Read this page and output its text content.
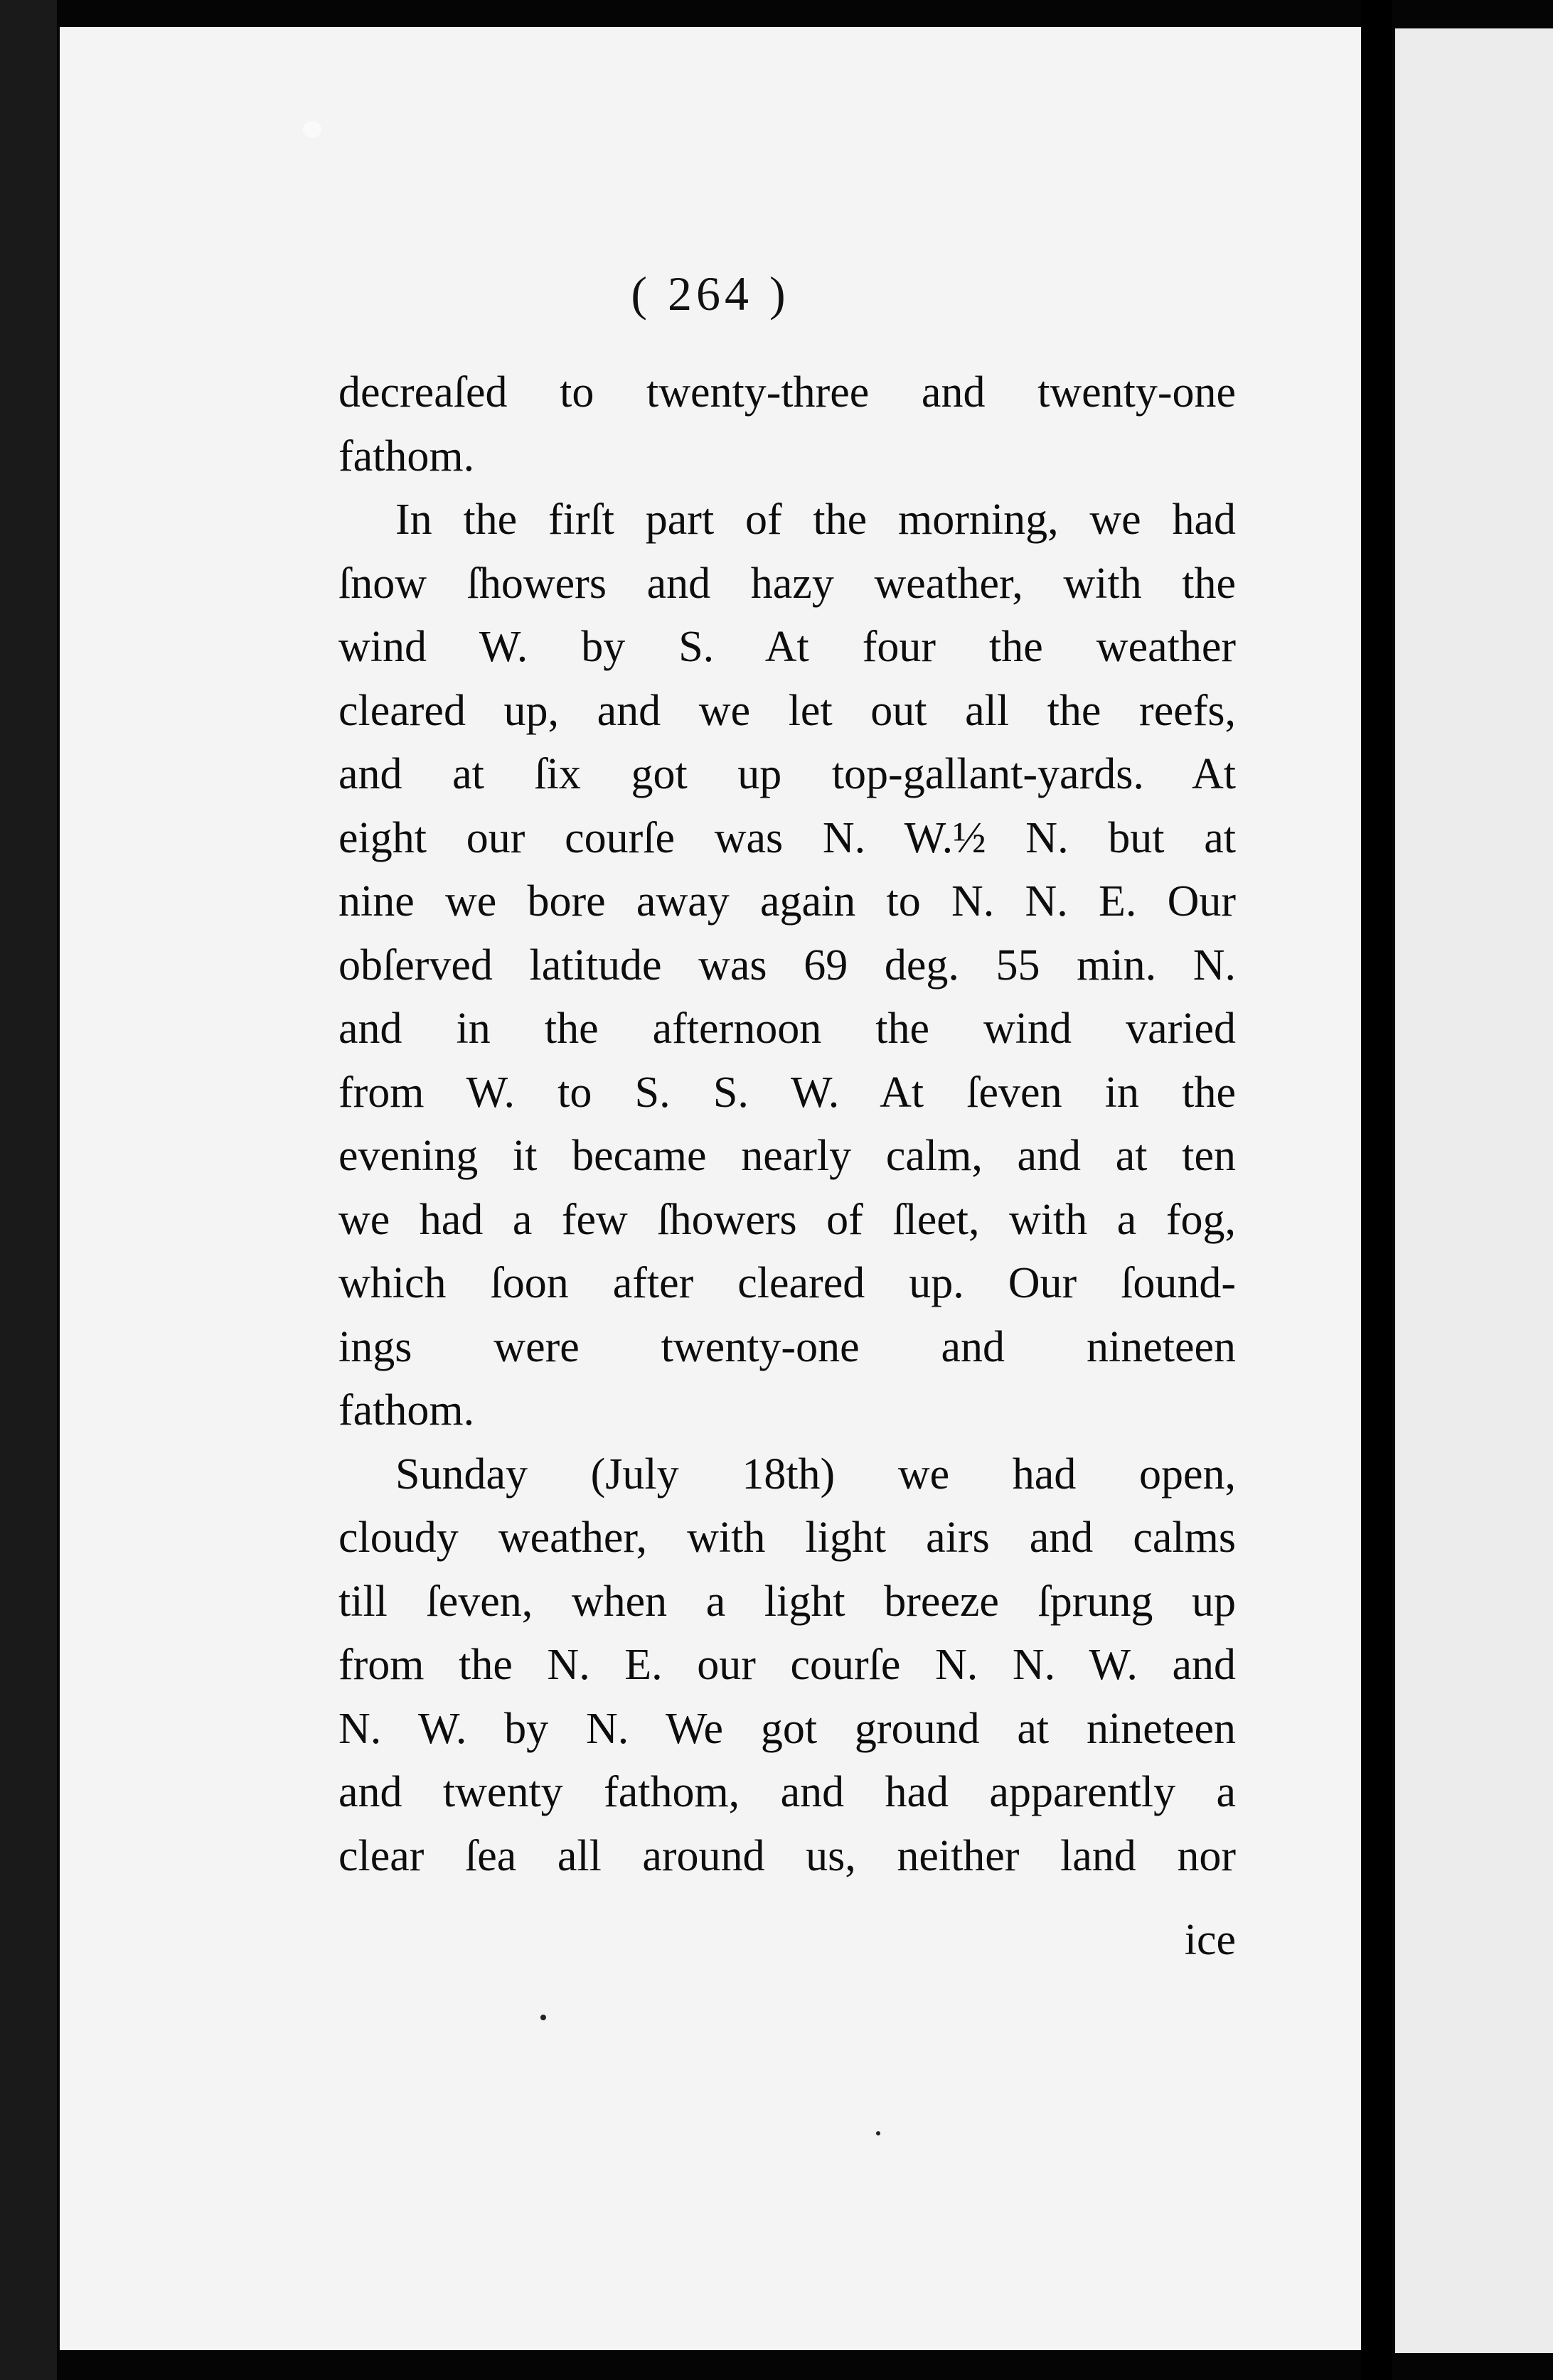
( 264 )
decreaſed to twenty-three and twenty-one
fathom.
In the firſt part of the morning, we had
ſnow ſhowers and hazy weather, with the
wind W. by S. At four the weather
cleared up, and we let out all the reefs,
and at ſix got up top-gallant-yards. At
eight our courſe was N. W.½ N. but at
nine we bore away again to N. N. E. Our
obſerved latitude was 69 deg. 55 min. N.
and in the afternoon the wind varied
from W. to S. S. W. At ſeven in the
evening it became nearly calm, and at ten
we had a few ſhowers of ſleet, with a fog,
which ſoon after cleared up. Our ſound-
ings were twenty-one and nineteen
fathom.
Sunday (July 18th) we had open,
cloudy weather, with light airs and calms
till ſeven, when a light breeze ſprung up
from the N. E. our courſe N. N. W. and
N. W. by N. We got ground at nineteen
and twenty fathom, and had apparently a
clear ſea all around us, neither land nor
ice
